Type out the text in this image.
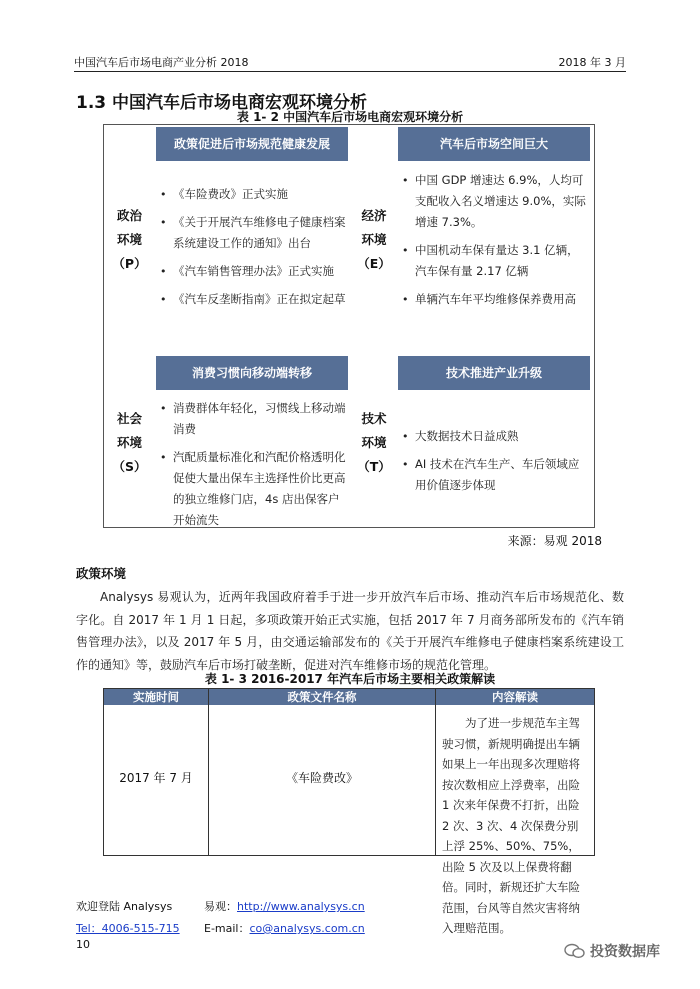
中国汽车后市场电商产业分析 2018	2018 年 3 月
1.3 中国汽车后市场电商宏观环境分析
表 1- 2 中国汽车后市场电商宏观环境分析
政策促进后市场规范健康发展
政治
环境
（P）

• 《车险费改》正式实施

• 《关于开展汽车维修电子健康档案系统建设工作的通知》出台

• 《汽车销售管理办法》正式实施

• 《汽车反垄断指南》正在拟定起草

汽车后市场空间巨大
经济
环境
（E）

• 中国 GDP 增速达 6.9%，人均可支配收入名义增速达 9.0%，实际增速 7.3%。

• 中国机动车保有量达 3.1 亿辆，汽车保有量 2.17 亿辆

• 单辆汽车年平均维修保养费用高

消费习惯向移动端转移
社会
环境
（S）

• 消费群体年轻化，习惯线上移动端消费

• 汽配质量标准化和汽配价格透明化促使大量出保车主选择性价比更高的独立维修门店，4s 店出保客户开始流失

技术推进产业升级
技术
环境
（T）

• 大数据技术日益成熟

• AI 技术在汽车生产、车后领域应用价值逐步体现

来源：易观 2018
政策环境
Analysys 易观认为，近两年我国政府着手于进一步开放汽车后市场、推动汽车后市场规范化、数字化。自 2017 年 1 月 1 日起，多项政策开始正式实施，包括 2017 年 7 月商务部所发布的《汽车销售管理办法》，以及 2017 年 5 月，由交通运输部发布的《关于开展汽车维修电子健康档案系统建设工作的通知》等，鼓励汽车后市场打破垄断，促进对汽车维修市场的规范化管理。
表 1- 3 2016-2017 年汽车后市场主要相关政策解读
实施时间	政策文件名称	内容解读
2017 年 7 月	《车险费改》
为了进一步规范车主驾驶习惯，新规明确提出车辆如果上一年出现多次理赔将按次数相应上浮费率，出险 1 次来年保费不打折，出险 2 次、3 次、4 次保费分别上浮 25%、50%、75%，出险 5 次及以上保费将翻倍。同时，新规还扩大车险范围，台风等自然灾害将纳入理赔范围。
欢迎登陆 Analysys
Tel：4006-515-715
易观：http://www.analysys.cn
E-mail：co@analysys.com.cn
10	投资数据库
